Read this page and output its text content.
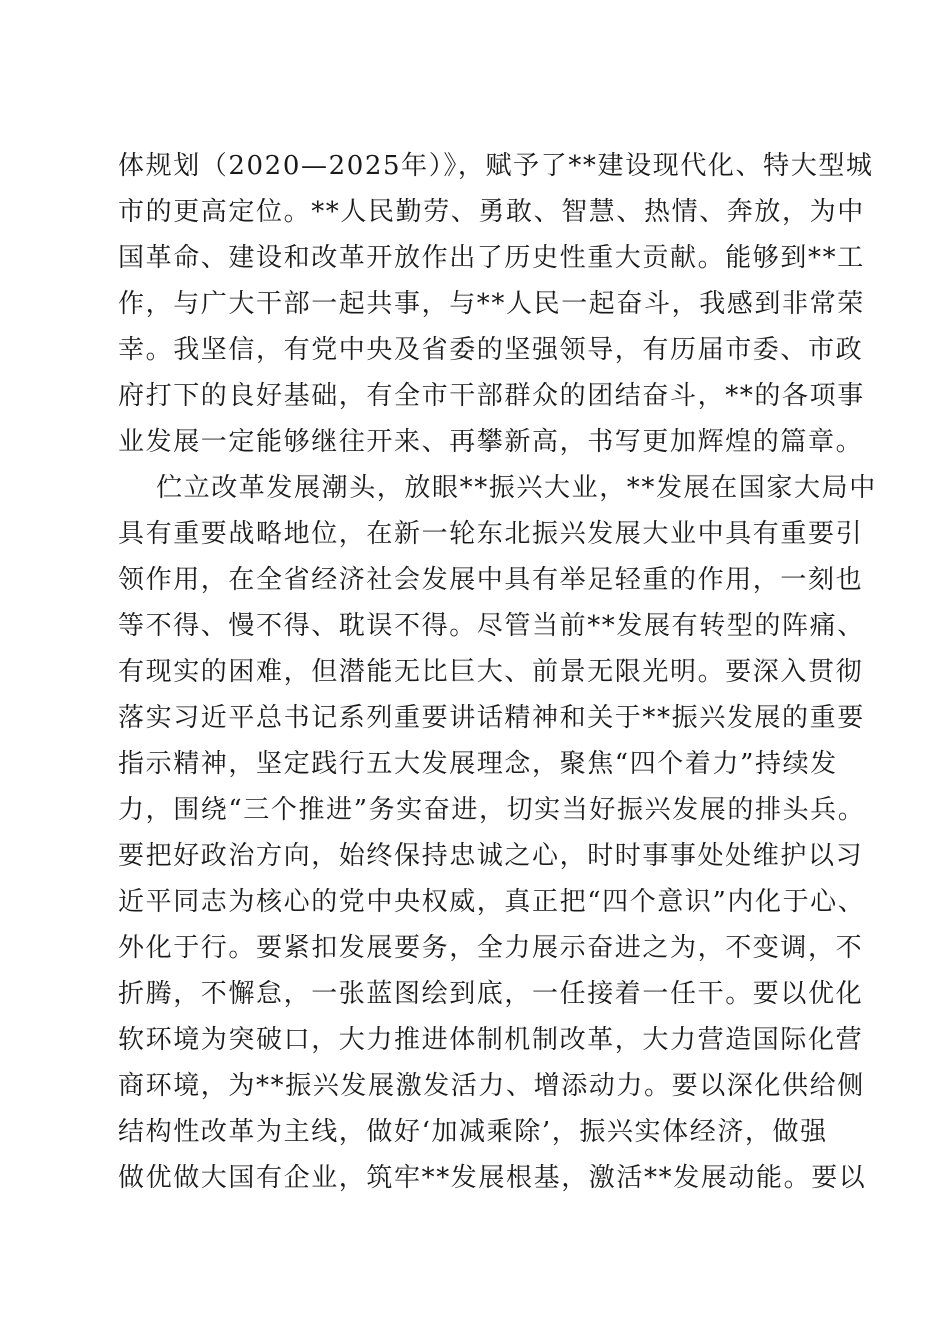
体规划（2020—2025年）》，赋予了**建设现代化、特大型城
市的更高定位。**人民勤劳、勇敢、智慧、热情、奔放，为中
国革命、建设和改革开放作出了历史性重大贡献。能够到**工
作，与广大干部一起共事，与**人民一起奋斗，我感到非常荣
幸。我坚信，有党中央及省委的坚强领导，有历届市委、市政
府打下的良好基础，有全市干部群众的团结奋斗，**的各项事
业发展一定能够继往开来、再攀新高，书写更加辉煌的篇章。
伫立改革发展潮头，放眼**振兴大业，**发展在国家大局中
具有重要战略地位，在新一轮东北振兴发展大业中具有重要引
领作用，在全省经济社会发展中具有举足轻重的作用，一刻也
等不得、慢不得、耽误不得。尽管当前**发展有转型的阵痛、
有现实的困难，但潜能无比巨大、前景无限光明。要深入贯彻
落实习近平总书记系列重要讲话精神和关于**振兴发展的重要
指示精神，坚定践行五大发展理念，聚焦“四个着力”持续发
力，围绕“三个推进”务实奋进，切实当好振兴发展的排头兵。
要把好政治方向，始终保持忠诚之心，时时事事处处维护以习
近平同志为核心的党中央权威，真正把“四个意识”内化于心、
外化于行。要紧扣发展要务，全力展示奋进之为，不变调，不
折腾，不懈怠，一张蓝图绘到底，一任接着一任干。要以优化
软环境为突破口，大力推进体制机制改革，大力营造国际化营
商环境，为**振兴发展激发活力、增添动力。要以深化供给侧
结构性改革为主线，做好‘加减乘除’，振兴实体经济，做强
做优做大国有企业，筑牢**发展根基，激活**发展动能。要以
